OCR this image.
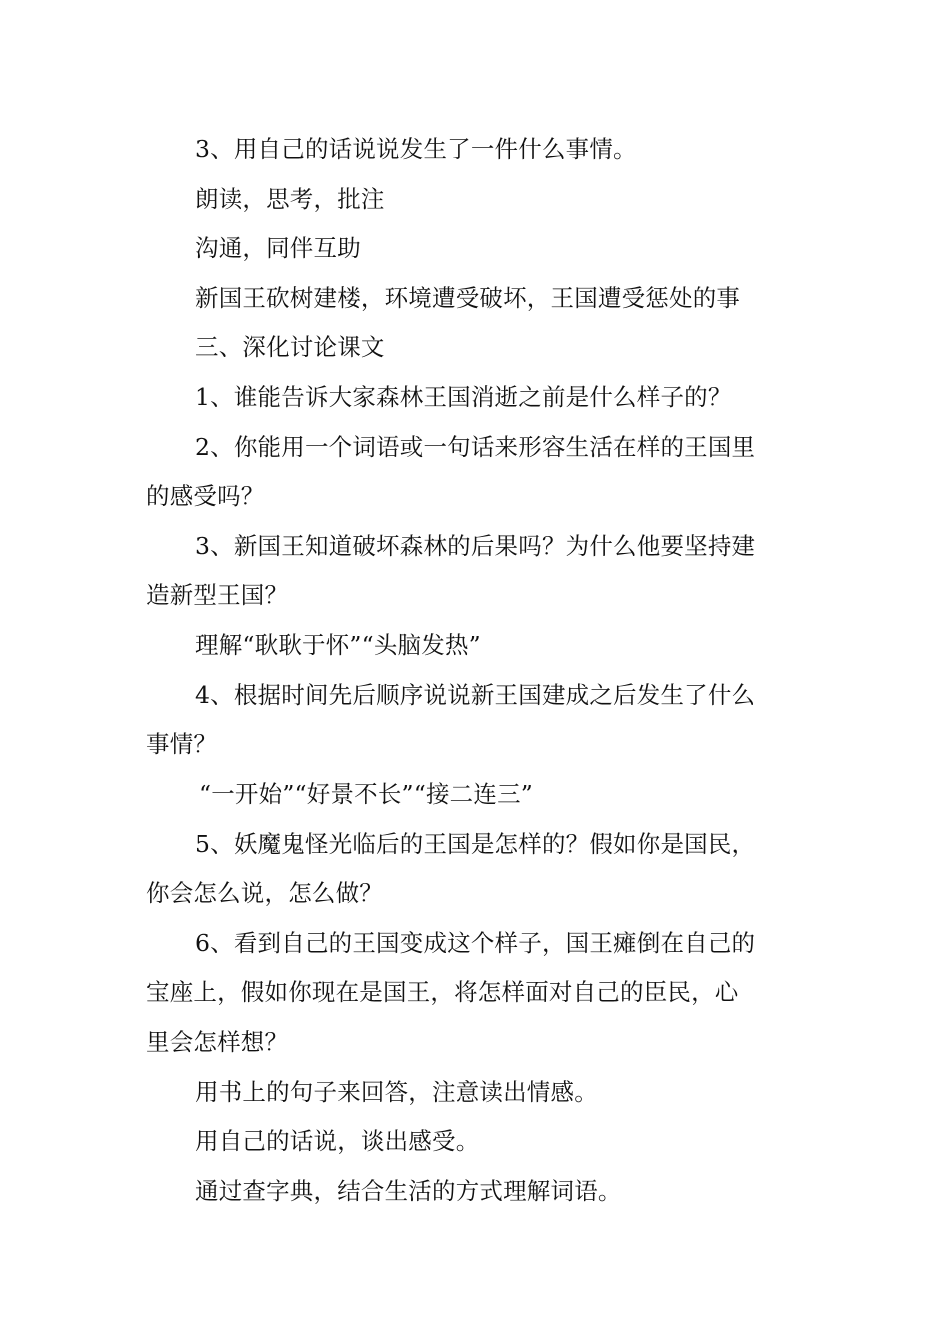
3、用自己的话说说发生了一件什么事情。
朗读，思考，批注
沟通，同伴互助
新国王砍树建楼，环境遭受破坏，王国遭受惩处的事
三、深化讨论课文
1、谁能告诉大家森林王国消逝之前是什么样子的？
2、你能用一个词语或一句话来形容生活在样的王国里
的感受吗？
3、新国王知道破坏森林的后果吗？为什么他要坚持建
造新型王国？
理解“耿耿于怀”“头脑发热”
4、根据时间先后顺序说说新王国建成之后发生了什么
事情？
“一开始”“好景不长”“接二连三”
5、妖魔鬼怪光临后的王国是怎样的？假如你是国民，
你会怎么说，怎么做？
6、看到自己的王国变成这个样子，国王瘫倒在自己的
宝座上，假如你现在是国王，将怎样面对自己的臣民，心
里会怎样想？
用书上的句子来回答，注意读出情感。
用自己的话说，谈出感受。
通过查字典，结合生活的方式理解词语。
